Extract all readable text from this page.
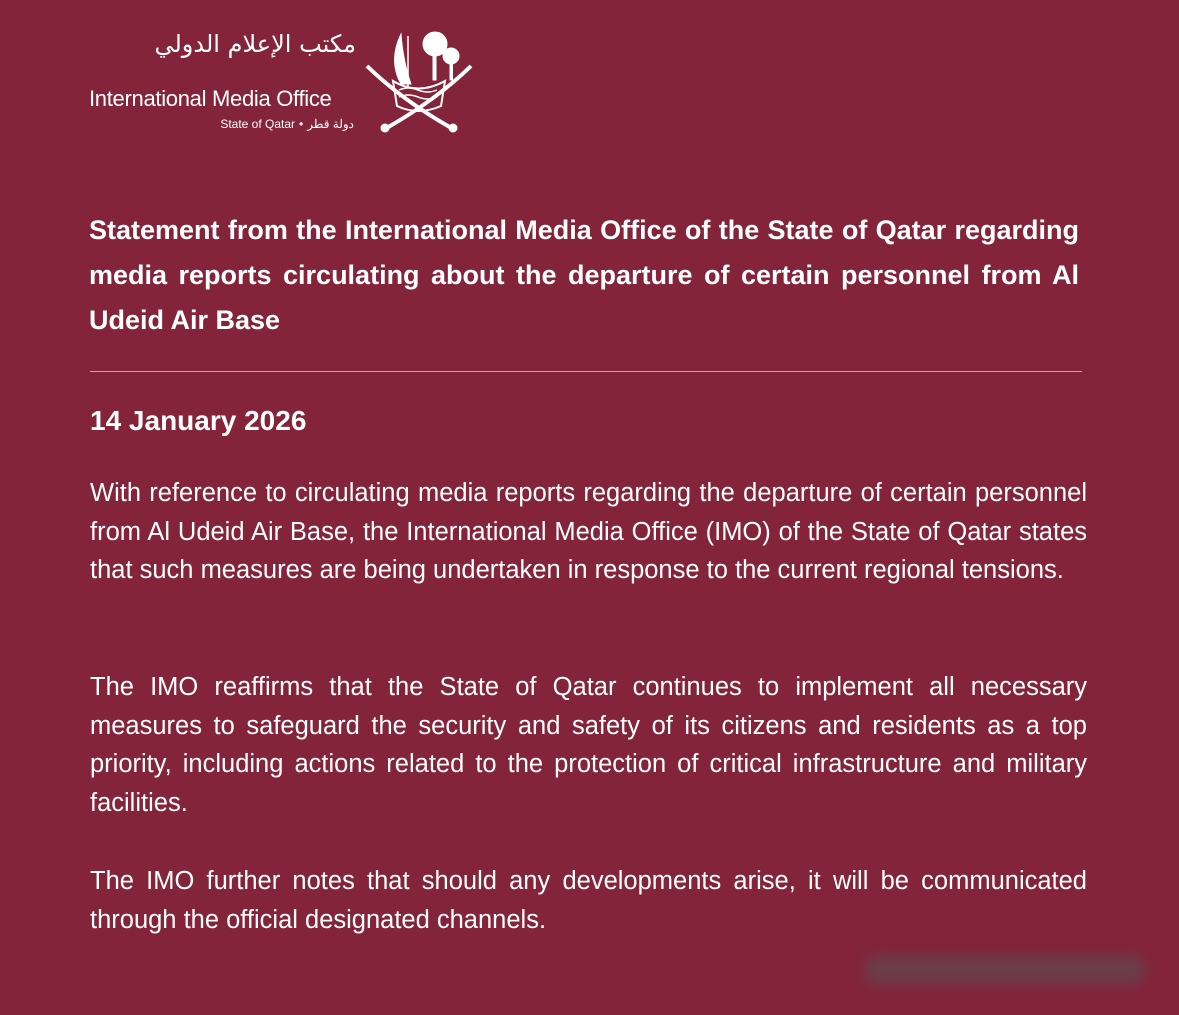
مكتب الإعلام الدولي
International Media Office
State of Qatar • دولة قطر
Statement from the International Media Office of the State of Qatar regarding media reports circulating about the departure of certain personnel from Al Udeid Air Base
14 January 2026
With reference to circulating media reports regarding the departure of certain personnel from Al Udeid Air Base, the International Media Office (IMO) of the State of Qatar states that such measures are being undertaken in response to the current regional tensions.
The IMO reaffirms that the State of Qatar continues to implement all necessary measures to safeguard the security and safety of its citizens and residents as a top priority, including actions related to the protection of critical infrastructure and military facilities.
The IMO further notes that should any developments arise, it will be communicated through the official designated channels.
